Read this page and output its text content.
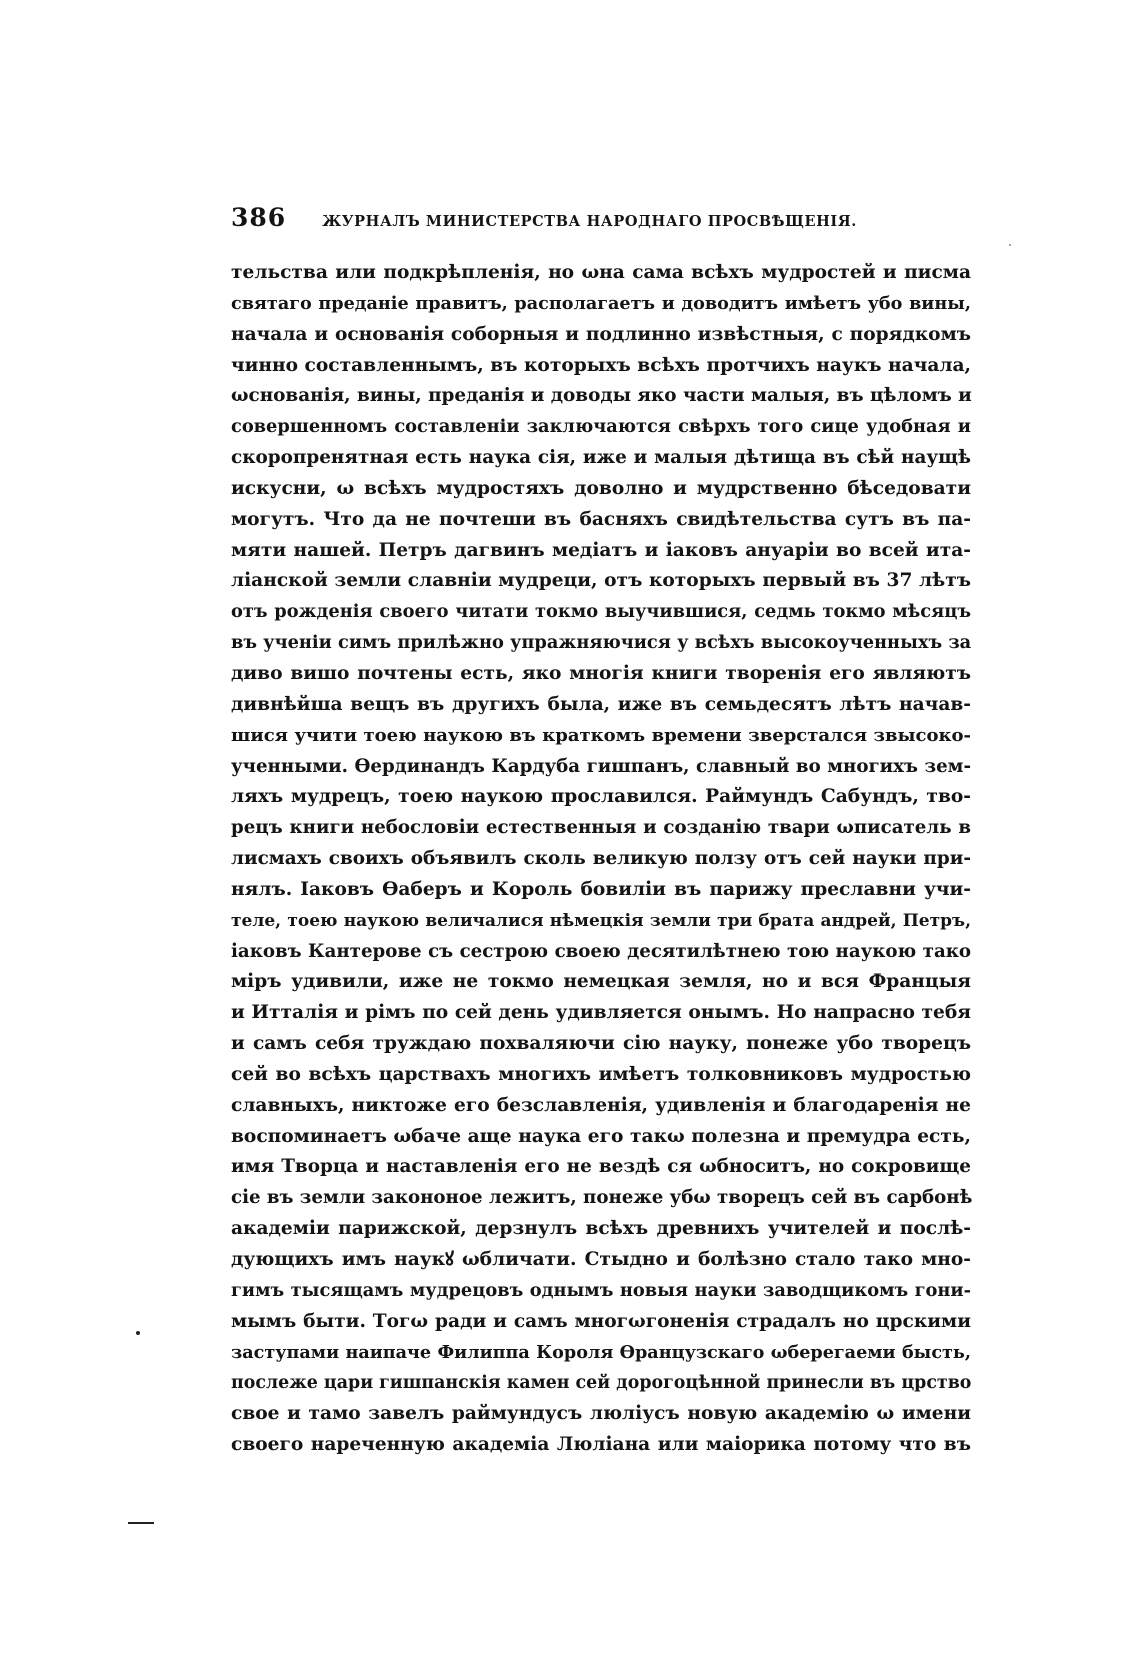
386 ЖУРНАЛЪ МИНИСТЕРСТВА НАРОДНАГО ПРОСВѢЩЕНІЯ.
тельства или подкрѣпленія, но ωна сама всѣхъ мудростей и писма
святаго преданіе правитъ, располагаетъ и доводитъ имѣетъ убо вины,
начала и основанія соборныя и подлинно извѣстныя, с порядкомъ
чинно составленнымъ, въ которыхъ всѣхъ протчихъ наукъ начала,
ωснованія, вины, преданія и доводы яко части малыя, въ цѣломъ и
совершенномъ составленіи заключаются свѣрхъ того сице удобная и
скоропренятная есть наука сія, иже и малыя дѣтища въ сѣй наущѣ
искусни, ω всѣхъ мудростяхъ доволно и мудрственно бѣседовати
могутъ. Что да не почтеши въ басняхъ свидѣтельства сутъ въ па-
мяти нашей. Петръ дагвинъ медіатъ и іаковъ ануаріи во всей ита-
ліанской земли славніи мудреци, отъ которыхъ первый въ 37 лѣтъ
отъ рожденія своего читати токмо выучившися, седмь токмо мѣсяцъ
въ ученіи симъ прилѣжно упражняючися у всѣхъ высокоученныхъ за
диво вишо почтены есть, яко многія книги творенія его являютъ
дивнѣйша вещъ въ другихъ была, иже въ семьдесятъ лѣтъ начав-
шися учити тоею наукою въ краткомъ времени зверстался звысоко-
ученными. Ѳердинандъ Кардуба гишпанъ, славный во многихъ зем-
ляхъ мудрецъ, тоею наукою прославился. Раймундъ Сабундъ, тво-
рецъ книги небословіи естественныя и созданію твари ωписатель в
лисмахъ своихъ объявилъ сколь великую ползу отъ сей науки при-
нялъ. Іаковъ Ѳаберъ и Король бовиліи въ парижу преславни учи-
теле, тоею наукою величалися нѣмецкія земли три брата андрей, Петръ,
іаковъ Кантерове съ сестрою своею десятилѣтнею тою наукою тако
міръ удивили, иже не токмо немецкая земля, но и вся Францыя
и Итталія и рімъ по сей день удивляется онымъ. Но напрасно тебя
и самъ себя труждаю похваляючи сію науку, понеже убо творецъ
сей во всѣхъ царствахъ многихъ имѣетъ толковниковъ мудростью
славныхъ, никтоже его безславленія, удивленія и благодаренія не
воспоминаетъ ωбаче аще наука его такω полезна и премудра есть,
имя Творца и наставленія его не вездѣ ся ωбноситъ, но сокровище
сіе въ земли закононое лежитъ, понеже убω творецъ сей въ сарбонѣ
академіи парижской, дерзнулъ всѣхъ древнихъ учителей и послѣ-
дующихъ имъ наукꙋ ωбличати. Стыдно и болѣзно стало тако мно-
гимъ тысящамъ мудрецовъ однымъ новыя науки заводщикомъ гони-
мымъ быти. Тогω ради и самъ многωгоненія страдалъ но црскими
заступами наипаче Филиппа Короля Ѳранцузскаго ωберегаеми бысть,
послеже цари гишпанскія камен сей дорогоцѣнной принесли въ црство
свое и тамо завелъ раймундусъ люліусъ новую академію ω имени
своего нареченную академіа Люліана или маіорика потому что въ
